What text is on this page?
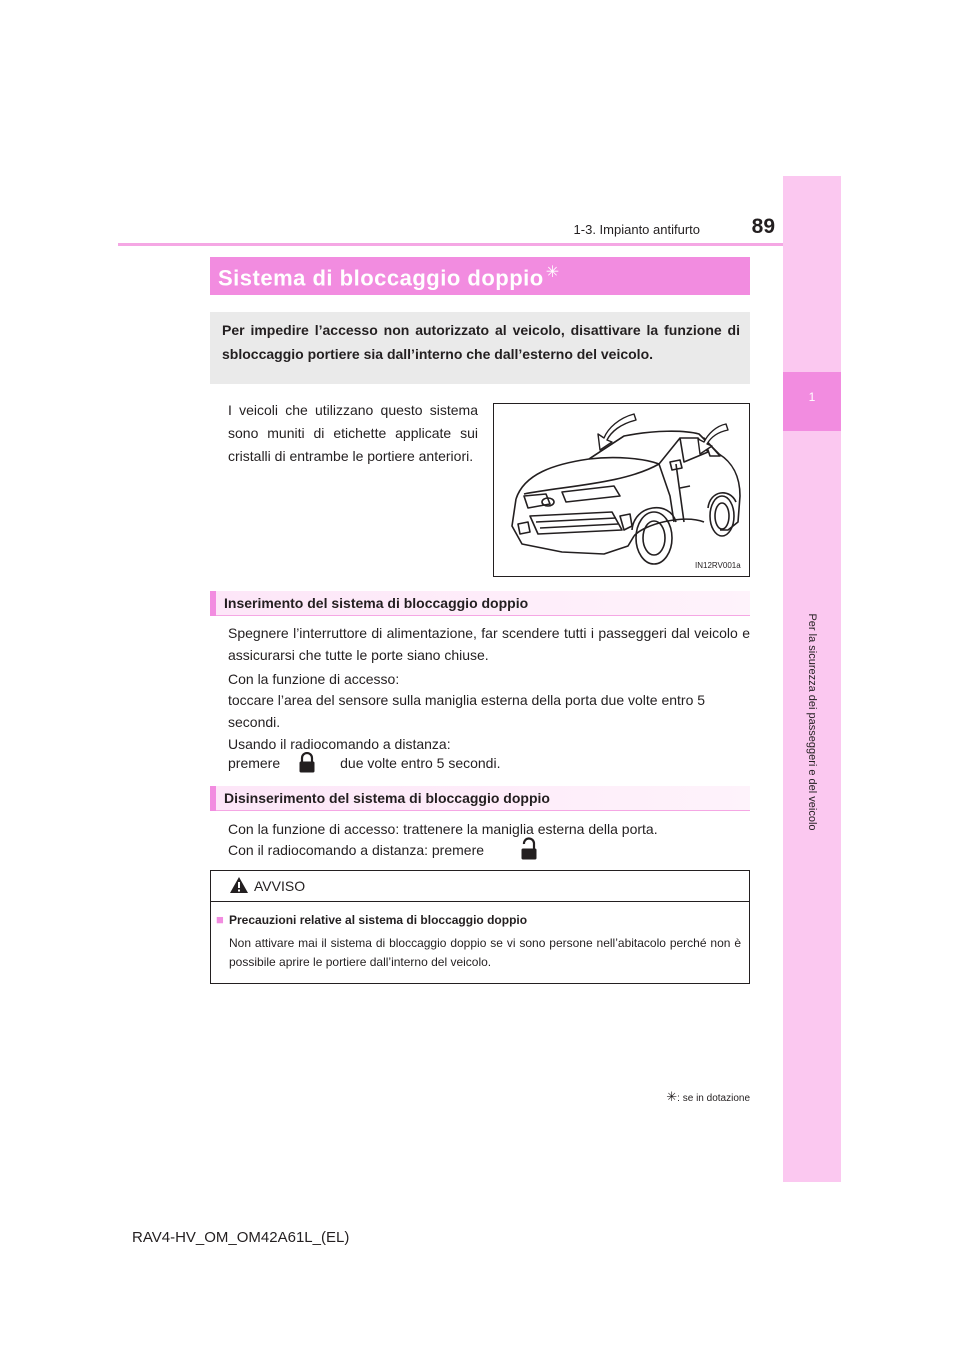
1
Per la sicurezza dei passeggeri e del veicolo
1-3. Impianto antifurto	89
Sistema di bloccaggio doppio ✳
Per impedire l’accesso non autorizzato al veicolo, disattivare la funzione di sbloccaggio portiere sia dall’interno che dall’esterno del veicolo.
I veicoli che utilizzano questo sistema sono muniti di etichette applicate sui cristalli di entrambe le portiere anteriori.
IN12RV001a
Inserimento del sistema di bloccaggio doppio
Spegnere l’interruttore di alimentazione, far scendere tutti i passeggeri dal veicolo e assicurarsi che tutte le porte siano chiuse.
Con la funzione di accesso:
toccare l’area del sensore sulla maniglia esterna della porta due volte entro 5
secondi.
Usando il radiocomando a distanza:
premere	due volte entro 5 secondi.
Disinserimento del sistema di bloccaggio doppio
Con la funzione di accesso: trattenere la maniglia esterna della porta.
Con il radiocomando a distanza: premere
AVVISO
■ Precauzioni relative al sistema di bloccaggio doppio
Non attivare mai il sistema di bloccaggio doppio se vi sono persone nell’abitacolo perché non è possibile aprire le portiere dall’interno del veicolo.
✳: se in dotazione
RAV4-HV_OM_OM42A61L_(EL)
